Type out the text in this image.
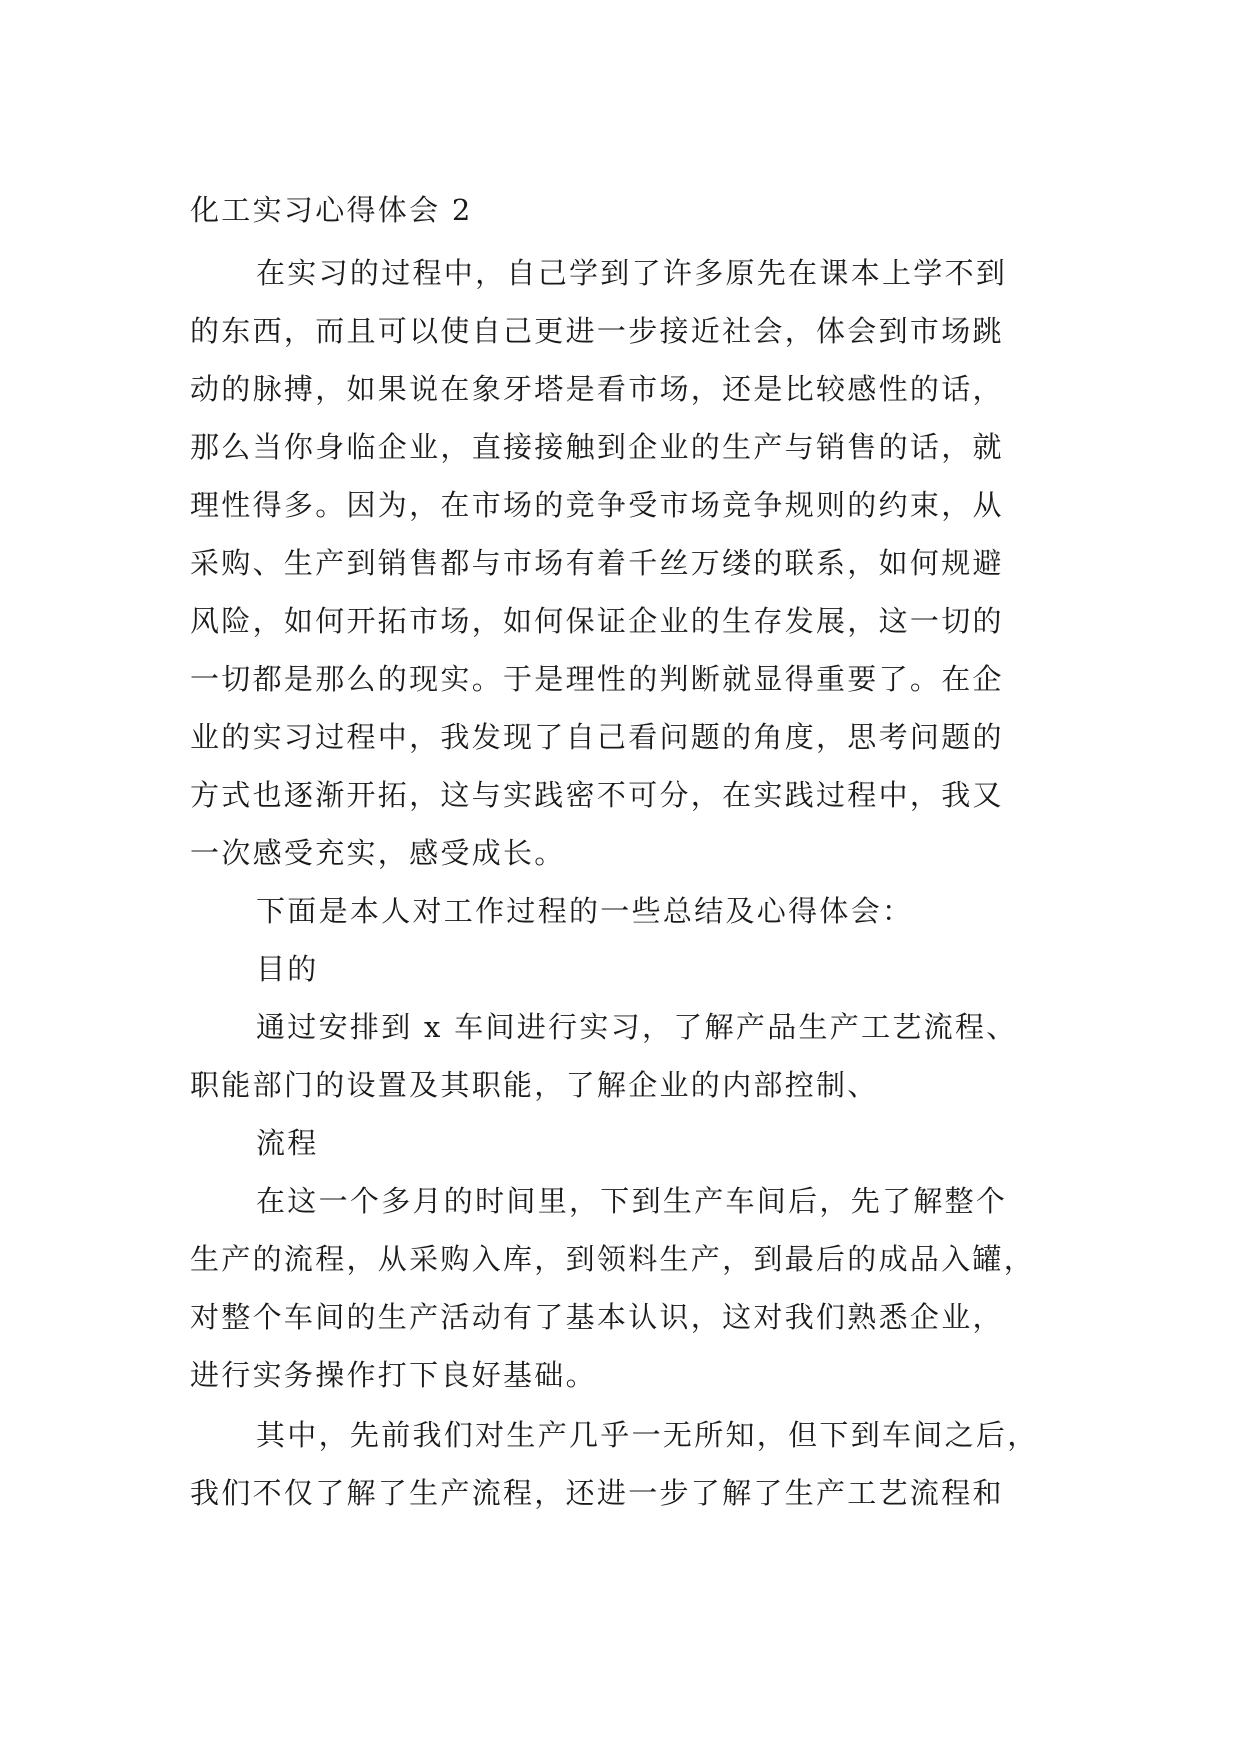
化工实习心得体会 2
在实习的过程中，自己学到了许多原先在课本上学不到
的东西，而且可以使自己更进一步接近社会，体会到市场跳
动的脉搏，如果说在象牙塔是看市场，还是比较感性的话，
那么当你身临企业，直接接触到企业的生产与销售的话，就
理性得多。因为，在市场的竞争受市场竞争规则的约束，从
采购、生产到销售都与市场有着千丝万缕的联系，如何规避
风险，如何开拓市场，如何保证企业的生存发展，这一切的
一切都是那么的现实。于是理性的判断就显得重要了。在企
业的实习过程中，我发现了自己看问题的角度，思考问题的
方式也逐渐开拓，这与实践密不可分，在实践过程中，我又
一次感受充实，感受成长。
下面是本人对工作过程的一些总结及心得体会：
目的
通过安排到 x 车间进行实习，了解产品生产工艺流程、
职能部门的设置及其职能，了解企业的内部控制、
流程
在这一个多月的时间里，下到生产车间后，先了解整个
生产的流程，从采购入库，到领料生产，到最后的成品入罐，
对整个车间的生产活动有了基本认识，这对我们熟悉企业，
进行实务操作打下良好基础。
其中，先前我们对生产几乎一无所知，但下到车间之后，
我们不仅了解了生产流程，还进一步了解了生产工艺流程和
